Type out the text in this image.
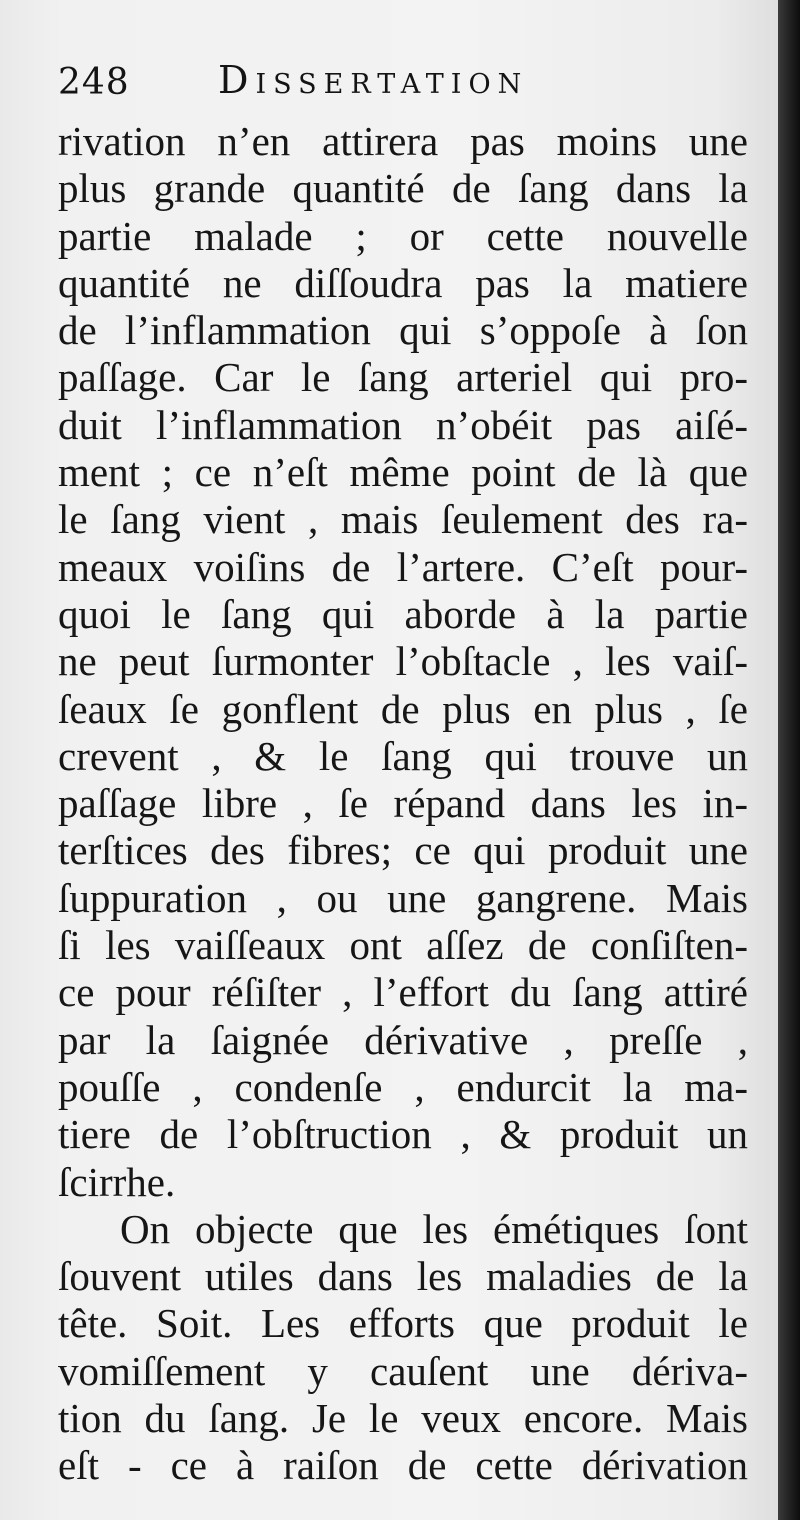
248 Dissertation
rivation n’en attirera pas moins une
plus grande quantité de ſang dans la
partie malade ; or cette nouvelle
quantité ne diſſoudra pas la matiere
de l’inflammation qui s’oppoſe à ſon
paſſage. Car le ſang arteriel qui pro-
duit l’inflammation n’obéit pas aiſé-
ment ; ce n’eſt même point de là que
le ſang vient , mais ſeulement des ra-
meaux voiſins de l’artere. C’eſt pour-
quoi le ſang qui aborde à la partie
ne peut ſurmonter l’obſtacle , les vaiſ-
ſeaux ſe gonflent de plus en plus , ſe
crevent , & le ſang qui trouve un
paſſage libre , ſe répand dans les in-
terſtices des fibres; ce qui produit une
ſuppuration , ou une gangrene. Mais
ſi les vaiſſeaux ont aſſez de conſiſten-
ce pour réſiſter , l’effort du ſang attiré
par la ſaignée dérivative , preſſe ,
pouſſe , condenſe , endurcit la ma-
tiere de l’obſtruction , & produit un
ſcirrhe.
On objecte que les émétiques ſont
ſouvent utiles dans les maladies de la
tête. Soit. Les efforts que produit le
vomiſſement y cauſent une dériva-
tion du ſang. Je le veux encore. Mais
eſt - ce à raiſon de cette dérivation
